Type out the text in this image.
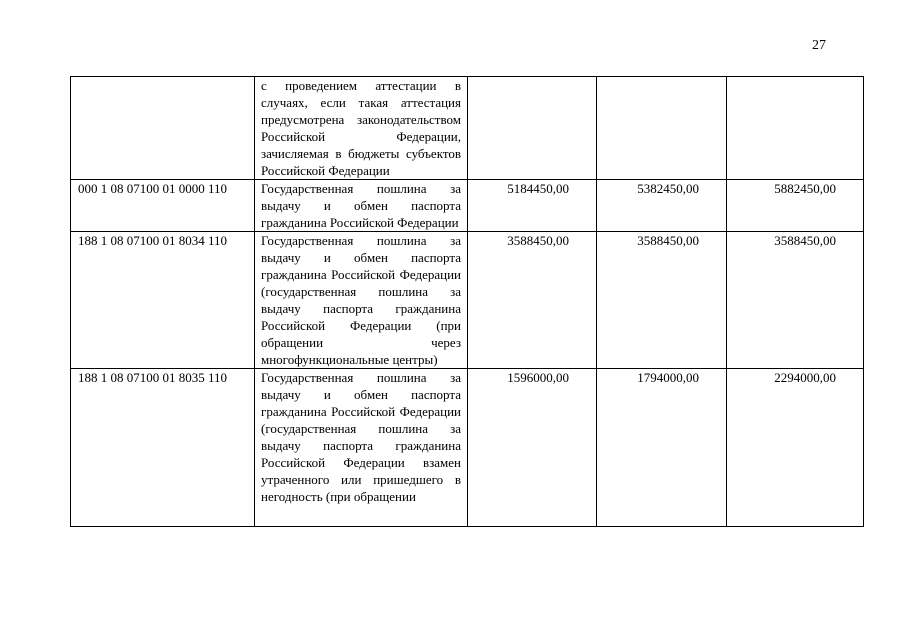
27
	с проведением аттестации в случаях, если такая аттестация предусмотрена законодательством Российской Федерации, зачисляемая в бюджеты субъектов Российской Федерации			
000 1 08 07100 01 0000 110	Государственная пошлина за выдачу и обмен паспорта гражданина Российской Федерации	5184450,00	5382450,00	5882450,00
188 1 08 07100 01 8034 110	Государственная пошлина за выдачу и обмен паспорта гражданина Российской Федерации (государственная пошлина за выдачу паспорта гражданина Российской Федерации (при обращении через многофункциональные центры)	3588450,00	3588450,00	3588450,00
188 1 08 07100 01 8035 110	Государственная пошлина за выдачу и обмен паспорта гражданина Российской Федерации (государственная пошлина за выдачу паспорта гражданина Российской Федерации взамен утраченного или пришедшего в негодность (при обращении	1596000,00	1794000,00	2294000,00
